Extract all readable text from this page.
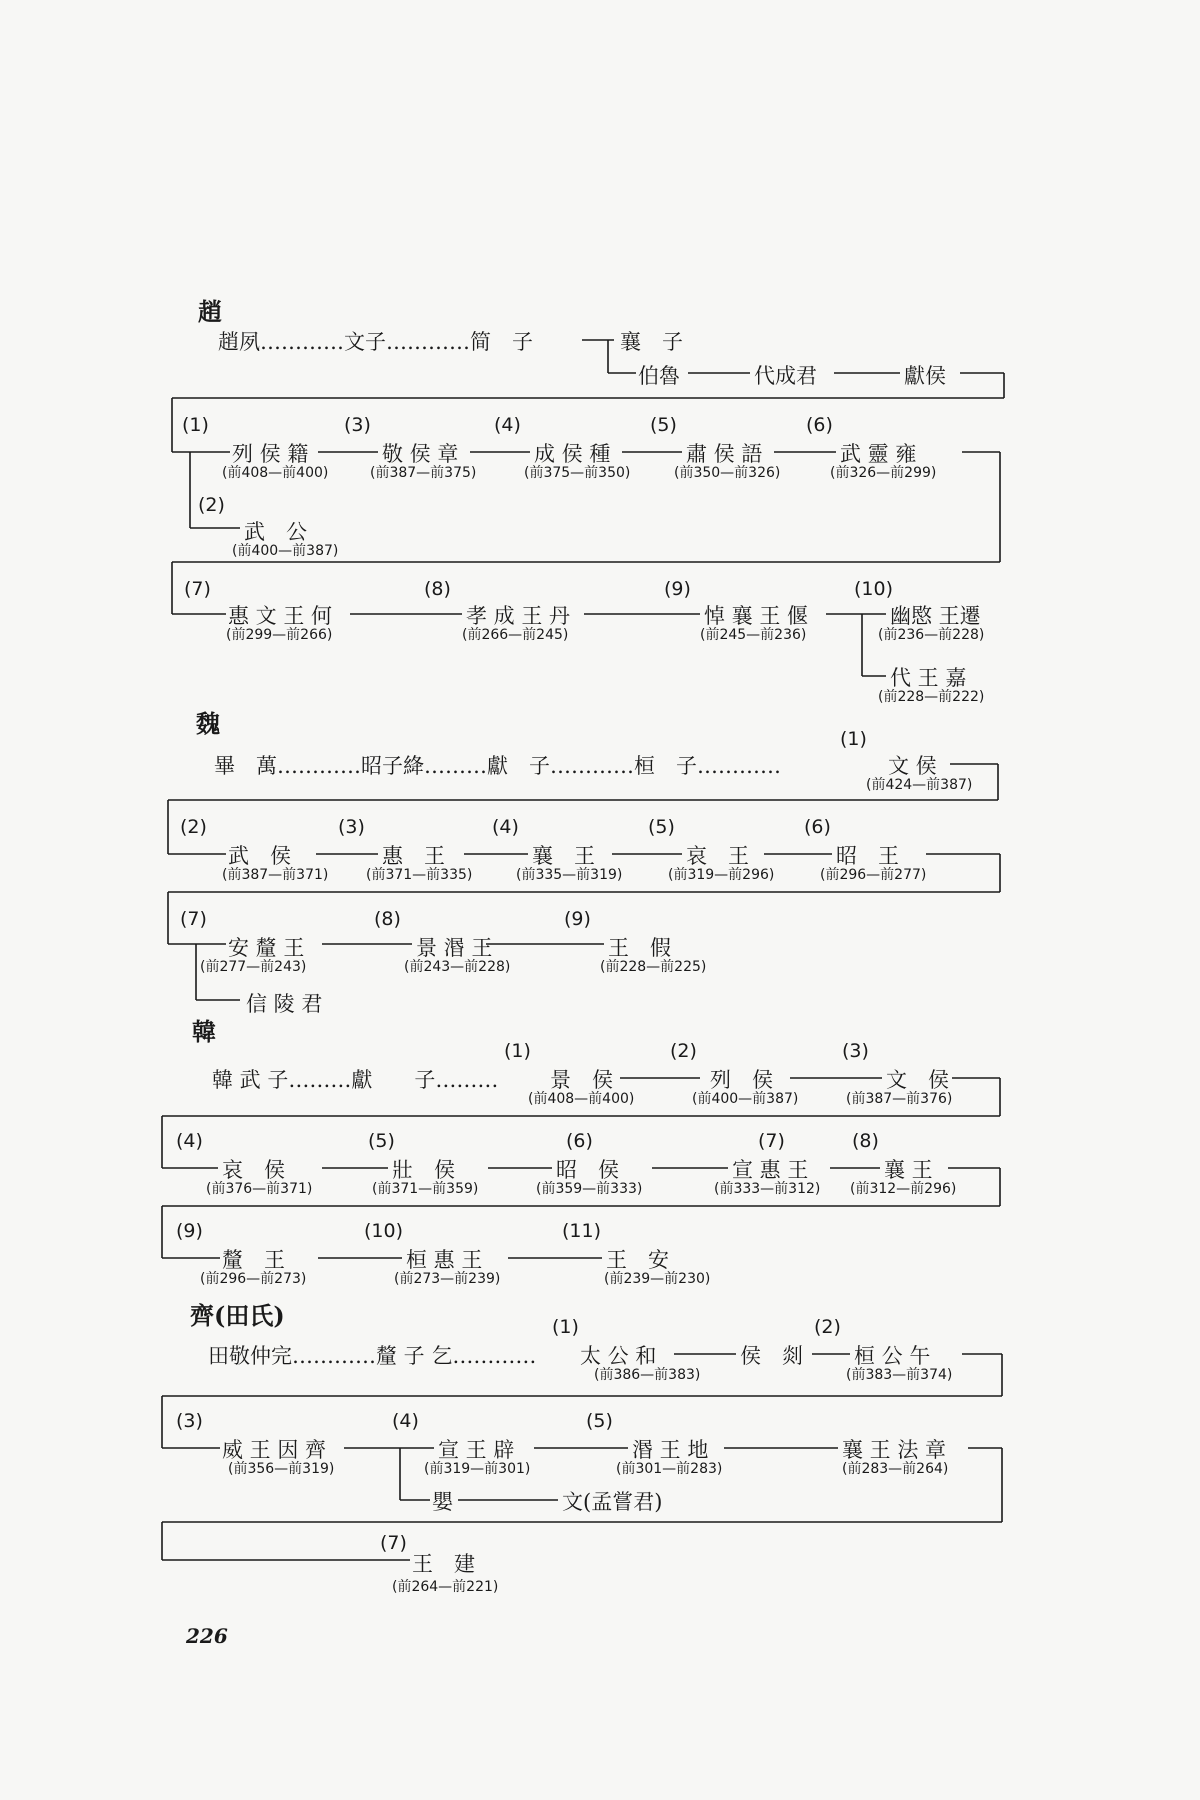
趙
趙夙…………文子…………简　子	襄　子
伯魯	代成君	獻侯
(1)
列 侯 籍
(前408—前400)
(3)
敬 侯 章
(前387—前375)
(4)
成 侯 種
(前375—前350)
(5)
肅 侯 語
(前350—前326)
(6)
武 靈 雍
(前326—前299)
(2)
武　公
(前400—前387)
(7)
惠 文 王 何
(前299—前266)
(8)
孝 成 王 丹
(前266—前245)
(9)
悼 襄 王 偃
(前245—前236)
(10)
幽愍 王遷
(前236—前228)
代 王 嘉
(前228—前222)
魏
(1)
畢　萬…………昭子絳………獻　子…………桓　子…………	文 侯
(前424—前387)
(2)
武　侯
(前387—前371)
(3)
惠　王
(前371—前335)
(4)
襄　王
(前335—前319)
(5)
哀　王
(前319—前296)
(6)
昭　王
(前296—前277)
(7)
安 釐 王
(前277—前243)
(8)
景 湣 王
(前243—前228)
(9)
王　假
(前228—前225)
信 陵 君
韓
韓 武 子………獻　　子………
(1)
景　侯
(前408—前400)
(2)
列　侯
(前400—前387)
(3)
文　侯
(前387—前376)
(4)
哀　侯
(前376—前371)
(5)
壯　侯
(前371—前359)
(6)
昭　侯
(前359—前333)
(7)
宣 惠 王
(前333—前312)
(8)
襄 王
(前312—前296)
(9)
釐　王
(前296—前273)
(10)
桓 惠 王
(前273—前239)
(11)
王　安
(前239—前230)
齊(田氏)
田敬仲完…………釐 子 乞…………
(1)
太 公 和
(前386—前383)
侯　剡
(2)
桓 公 午
(前383—前374)
(3)
威 王 因 齊
(前356—前319)
(4)
宣 王 辟
(前319—前301)
(5)
湣 王 地
(前301—前283)
襄 王 法 章
(前283—前264)
嬰	文(孟嘗君)
(7)
王　建
(前264—前221)
226
